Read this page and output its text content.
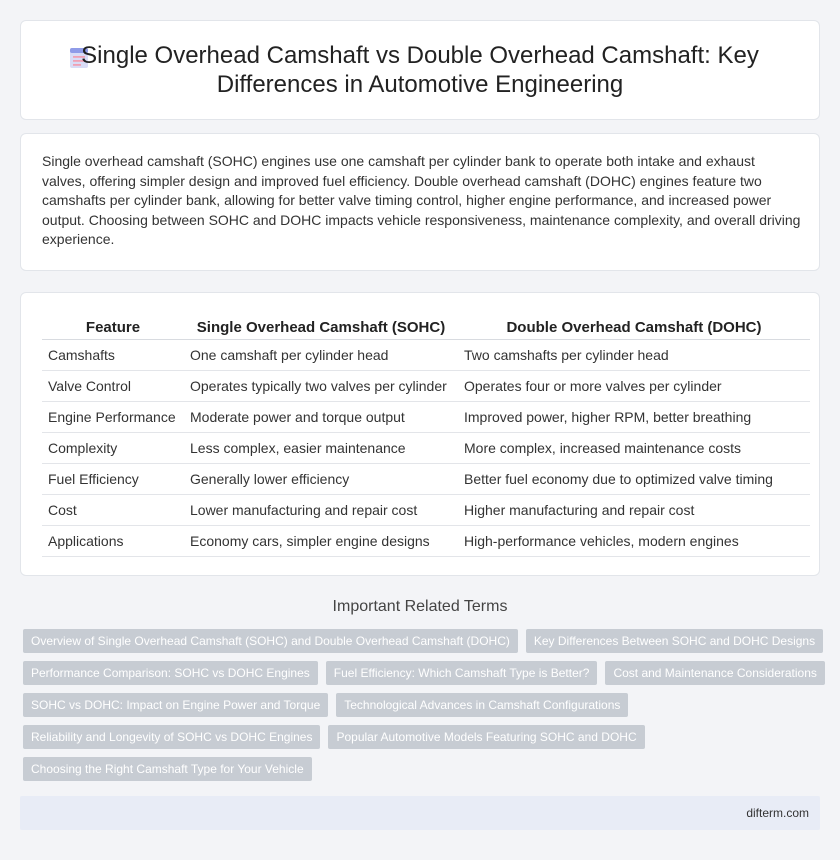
Single Overhead Camshaft vs Double Overhead Camshaft: Key Differences in Automotive Engineering

Single overhead camshaft (SOHC) engines use one camshaft per cylinder bank to operate both intake and exhaust valves, offering simpler design and improved fuel efficiency. Double overhead camshaft (DOHC) engines feature two camshafts per cylinder bank, allowing for better valve timing control, higher engine performance, and increased power output. Choosing between SOHC and DOHC impacts vehicle responsiveness, maintenance complexity, and overall driving experience.

Feature	Single Overhead Camshaft (SOHC)	Double Overhead Camshaft (DOHC)
Camshafts	One camshaft per cylinder head	Two camshafts per cylinder head
Valve Control	Operates typically two valves per cylinder	Operates four or more valves per cylinder
Engine Performance	Moderate power and torque output	Improved power, higher RPM, better breathing
Complexity	Less complex, easier maintenance	More complex, increased maintenance costs
Fuel Efficiency	Generally lower efficiency	Better fuel economy due to optimized valve timing
Cost	Lower manufacturing and repair cost	Higher manufacturing and repair cost
Applications	Economy cars, simpler engine designs	High-performance vehicles, modern engines
Important Related Terms
Overview of Single Overhead Camshaft (SOHC) and Double Overhead Camshaft (DOHC)	Key Differences Between SOHC and DOHC Designs
Performance Comparison: SOHC vs DOHC Engines	Fuel Efficiency: Which Camshaft Type is Better?	Cost and Maintenance Considerations
SOHC vs DOHC: Impact on Engine Power and Torque	Technological Advances in Camshaft Configurations
Reliability and Longevity of SOHC vs DOHC Engines	Popular Automotive Models Featuring SOHC and DOHC
Choosing the Right Camshaft Type for Your Vehicle
difterm.com
